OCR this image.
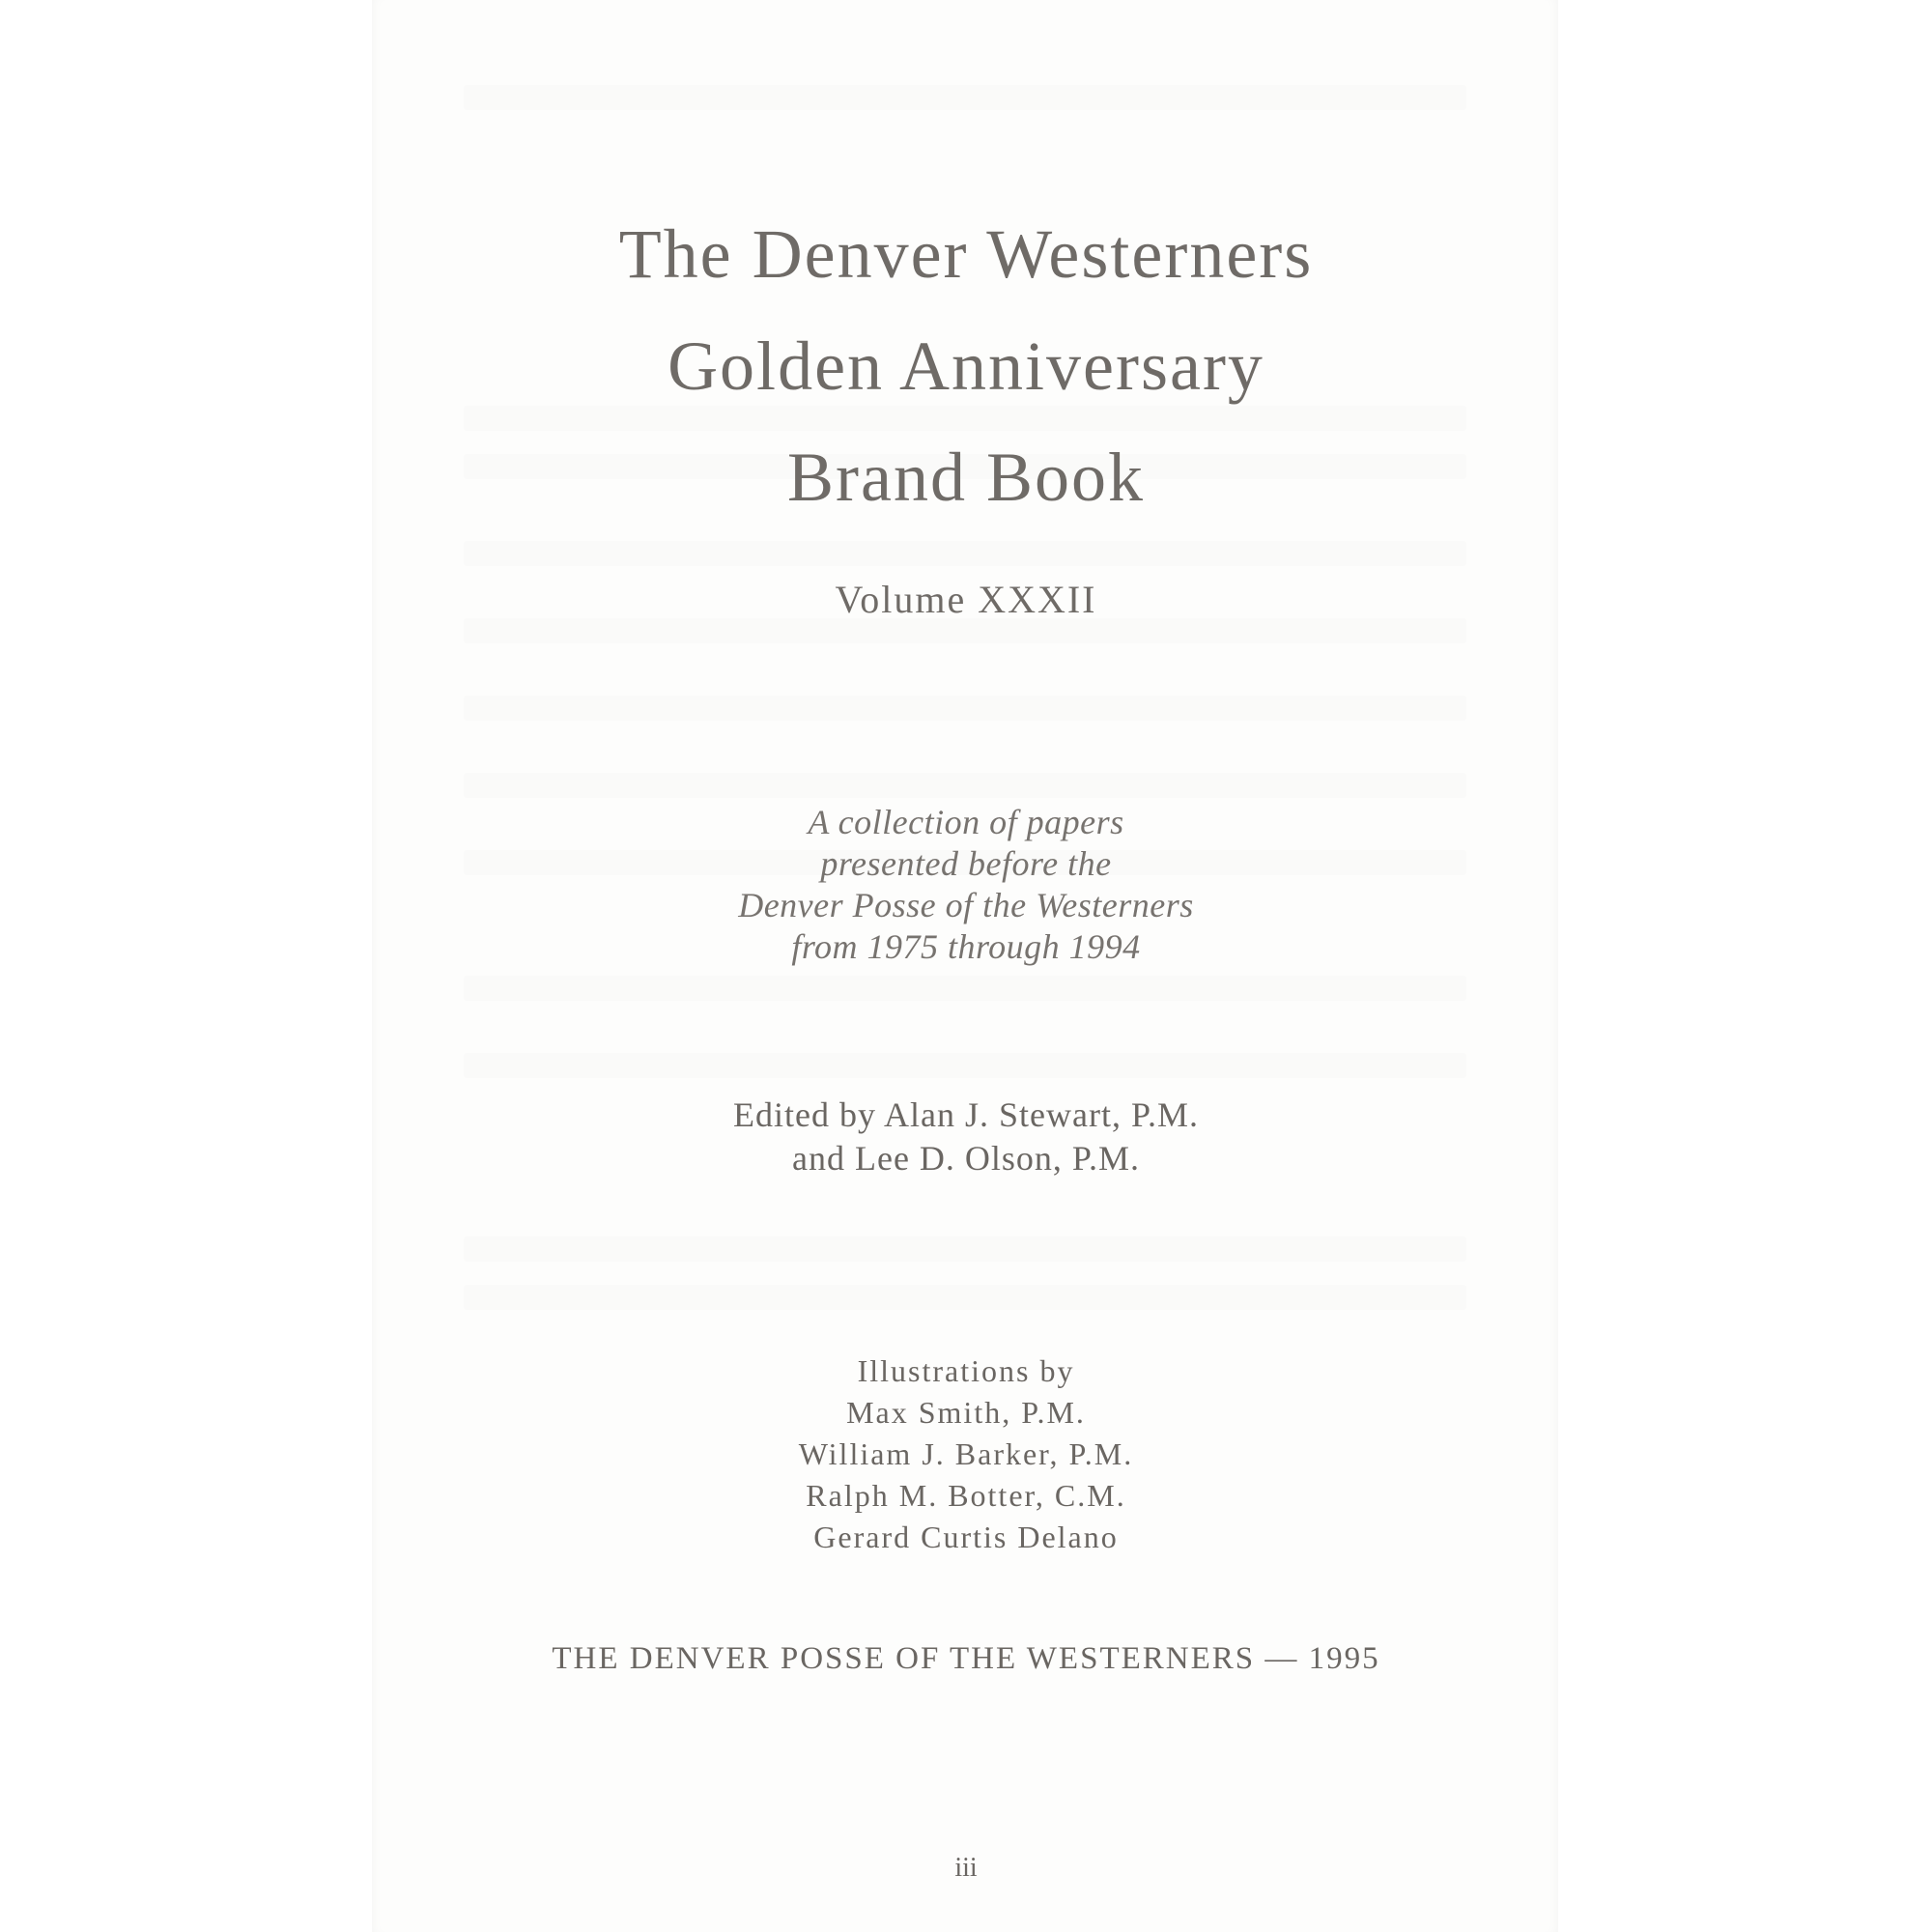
The Denver Westerners
Golden Anniversary
Brand Book
Volume XXXII
A collection of papers
presented before the
Denver Posse of the Westerners
from 1975 through 1994
Edited by Alan J. Stewart, P.M.
and Lee D. Olson, P.M.
Illustrations by
Max Smith, P.M.
William J. Barker, P.M.
Ralph M. Botter, C.M.
Gerard Curtis Delano
THE DENVER POSSE OF THE WESTERNERS — 1995
iii
